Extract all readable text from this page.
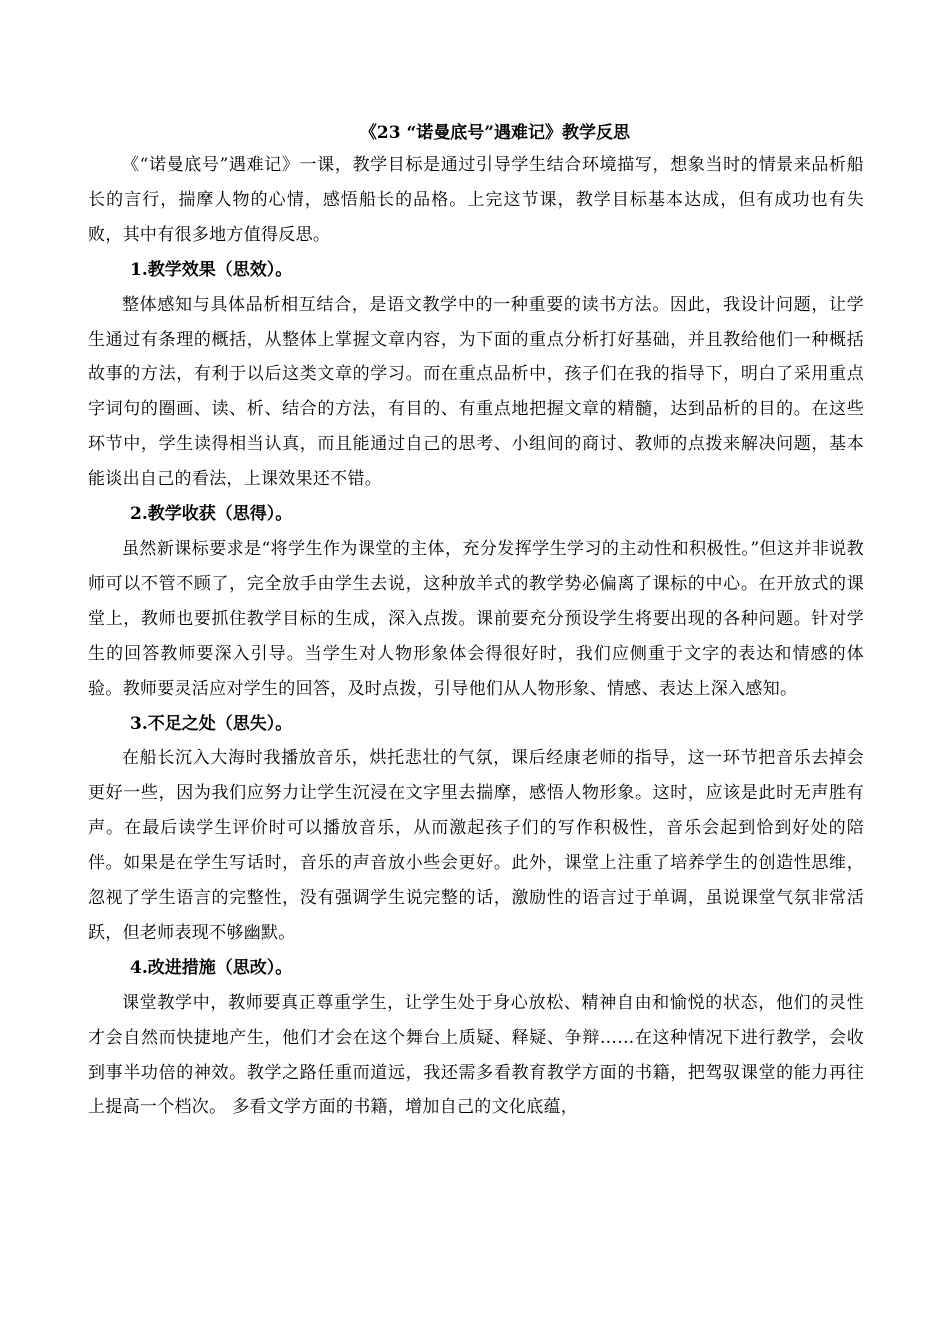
《23 “诺曼底号”遇难记》教学反思

《“诺曼底号”遇难记》一课，教学目标是通过引导学生结合环境描写，想象当时的情景来品析船长的言行，揣摩人物的心情，感悟船长的品格。上完这节课，教学目标基本达成，但有成功也有失败，其中有很多地方值得反思。

1.教学效果（思效）。

整体感知与具体品析相互结合，是语文教学中的一种重要的读书方法。因此，我设计问题，让学生通过有条理的概括，从整体上掌握文章内容，为下面的重点分析打好基础，并且教给他们一种概括故事的方法，有利于以后这类文章的学习。而在重点品析中，孩子们在我的指导下，明白了采用重点字词句的圈画、读、析、结合的方法，有目的、有重点地把握文章的精髓，达到品析的目的。在这些环节中，学生读得相当认真，而且能通过自己的思考、小组间的商讨、教师的点拨来解决问题，基本能谈出自己的看法，上课效果还不错。

2.教学收获（思得）。

虽然新课标要求是“将学生作为课堂的主体，充分发挥学生学习的主动性和积极性。”但这并非说教师可以不管不顾了，完全放手由学生去说，这种放羊式的教学势必偏离了课标的中心。在开放式的课堂上，教师也要抓住教学目标的生成，深入点拨。课前要充分预设学生将要出现的各种问题。针对学生的回答教师要深入引导。当学生对人物形象体会得很好时，我们应侧重于文字的表达和情感的体验。教师要灵活应对学生的回答，及时点拨，引导他们从人物形象、情感、表达上深入感知。

3.不足之处（思失）。

在船长沉入大海时我播放音乐，烘托悲壮的气氛，课后经康老师的指导，这一环节把音乐去掉会更好一些，因为我们应努力让学生沉浸在文字里去揣摩，感悟人物形象。这时，应该是此时无声胜有声。在最后读学生评价时可以播放音乐，从而激起孩子们的写作积极性，音乐会起到恰到好处的陪伴。如果是在学生写话时，音乐的声音放小些会更好。此外，课堂上注重了培养学生的创造性思维，忽视了学生语言的完整性，没有强调学生说完整的话，激励性的语言过于单调，虽说课堂气氛非常活跃，但老师表现不够幽默。

4.改进措施（思改）。

课堂教学中，教师要真正尊重学生，让学生处于身心放松、精神自由和愉悦的状态，他们的灵性才会自然而快捷地产生，他们才会在这个舞台上质疑、释疑、争辩……在这种情况下进行教学，会收到事半功倍的神效。教学之路任重而道远，我还需多看教育教学方面的书籍，把驾驭课堂的能力再往上提高一个档次。 多看文学方面的书籍，增加自己的文化底蕴，
